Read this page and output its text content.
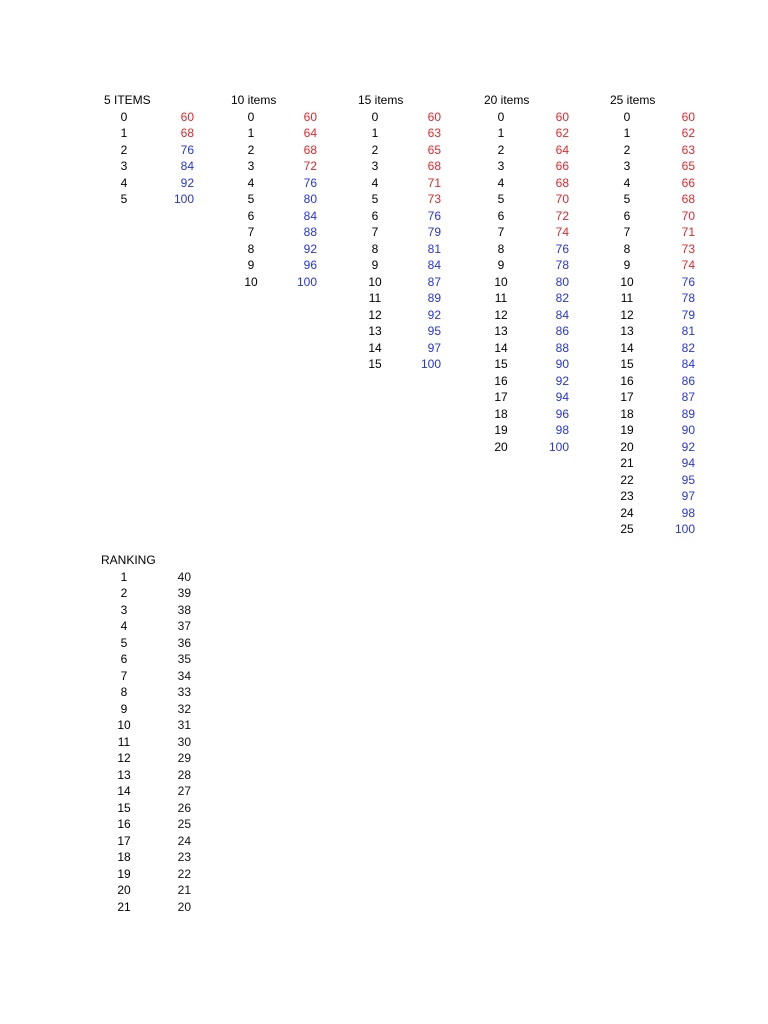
5 ITEMS
0	60
1	68
2	76
3	84
4	92
5	100
10 items
0	60
1	64
2	68
3	72
4	76
5	80
6	84
7	88
8	92
9	96
10	100
15 items
0	60
1	63
2	65
3	68
4	71
5	73
6	76
7	79
8	81
9	84
10	87
11	89
12	92
13	95
14	97
15	100
20 items
0	60
1	62
2	64
3	66
4	68
5	70
6	72
7	74
8	76
9	78
10	80
11	82
12	84
13	86
14	88
15	90
16	92
17	94
18	96
19	98
20	100
25 items
0	60
1	62
2	63
3	65
4	66
5	68
6	70
7	71
8	73
9	74
10	76
11	78
12	79
13	81
14	82
15	84
16	86
17	87
18	89
19	90
20	92
21	94
22	95
23	97
24	98
25	100
RANKING
1	40
2	39
3	38
4	37
5	36
6	35
7	34
8	33
9	32
10	31
11	30
12	29
13	28
14	27
15	26
16	25
17	24
18	23
19	22
20	21
21	20
